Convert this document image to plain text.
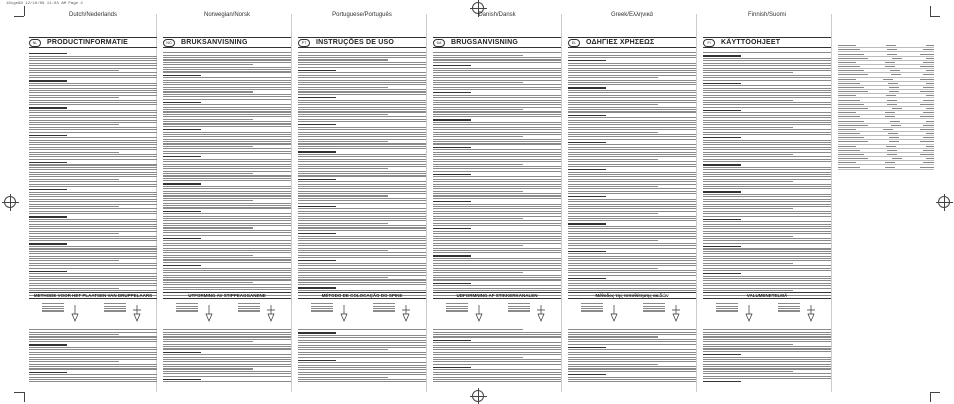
18ige98 12/10/09 11:03 AM Page 2
Dutch/Nederlands
NL	PRODUCTINFORMATIE
METHODE VOOR HET PLAATSEN VAN DRUPPELAARS
Norwegian/Norsk
NO	BRUKSANVISNING
UTFORMING AV STIPPEAGGANENE
Portuguese/Português
PT	INSTRUÇÕES DE USO
MÉTODO DE COLOCAÇÃO DO SPIKE
Danish/Dansk
DA	BRUGSANVISNING
UDFORMNING AF STIKKERKANALEN
Greek/Ελληνικά
EL	ΟΔΗΓΙΕΣ ΧΡΗΣΕΩΣ
Μέθοδος της τοποθέτησης ακιδών
Finnish/Suomi
FI	KÄYTTÖOHJEET
VALUMENETELMÄ
